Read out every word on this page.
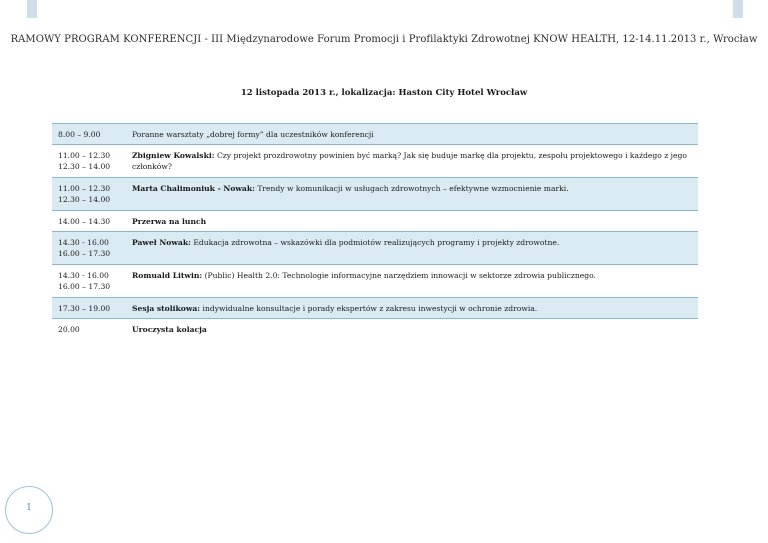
RAMOWY PROGRAM KONFERENCJI - III Międzynarodowe Forum Promocji i Profilaktyki Zdrowotnej KNOW HEALTH, 12-14.11.2013 r., Wrocław
12 listopada 2013 r., lokalizacja: Haston City Hotel Wrocław
8.00 – 9.00	Poranne warsztaty „dobrej formy” dla uczestników konferencji
11.00 – 12.30
12.30 – 14.00	Zbigniew Kowalski: Czy projekt prozdrowotny powinien być marką? Jak się buduje markę dla projektu, zespołu projektowego i każdego z jego członków?
11.00 – 12.30
12.30 – 14.00	Marta Chalimoniuk - Nowak: Trendy w komunikacji w usługach zdrowotnych – efektywne wzmocnienie marki.
14.00 – 14.30	Przerwa na lunch
14.30 - 16.00
16.00 – 17.30	Paweł Nowak: Edukacja zdrowotna – wskazówki dla podmiotów realizujących programy i projekty zdrowotne.
14.30 - 16.00
16.00 – 17.30	Romuald Litwin: (Public) Health 2.0: Technologie informacyjne narzędziem innowacji w sektorze zdrowia publicznego.
17.30 – 19.00	Sesja stolikowa: indywidualne konsultacje i porady ekspertów z zakresu inwestycji w ochronie zdrowia.
20.00	Uroczysta kolacja
1
